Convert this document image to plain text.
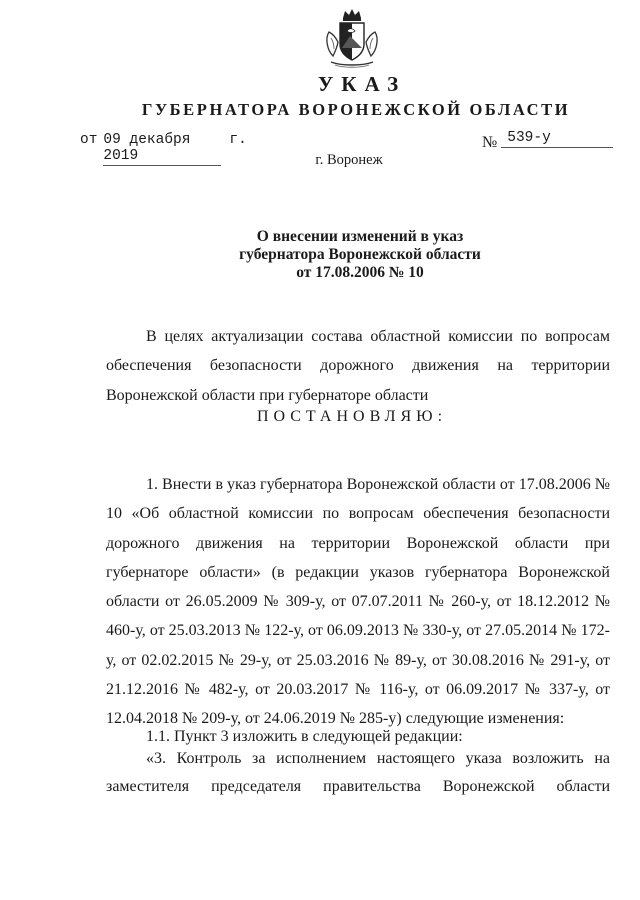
УКАЗ
ГУБЕРНАТОРА ВОРОНЕЖСКОЙ ОБЛАСТИ
от 09 декабря 2019
г.	№ 539-у
г. Воронеж
О внесении изменений в указ
губернатора Воронежской области
от 17.08.2006 № 10
В целях актуализации состава областной комиссии по вопросам обеспечения безопасности дорожного движения на территории Воронежской области при губернаторе области
ПОСТАНОВЛЯЮ:
1. Внести в указ губернатора Воронежской области от 17.08.2006 № 10 «Об областной комиссии по вопросам обеспечения безопасности дорожного движения на территории Воронежской области при губернаторе области» (в редакции указов губернатора Воронежской области от 26.05.2009 № 309-у, от 07.07.2011 № 260-у, от 18.12.2012 № 460-у, от 25.03.2013 № 122-у, от 06.09.2013 № 330-у, от 27.05.2014 № 172-у, от 02.02.2015 № 29-у, от 25.03.2016 № 89-у, от 30.08.2016 № 291-у, от 21.12.2016 № 482-у, от 20.03.2017 № 116-у, от 06.09.2017 № 337-у, от 12.04.2018 № 209-у, от 24.06.2019 № 285-у) следующие изменения:
1.1. Пункт 3 изложить в следующей редакции:
«3. Контроль за исполнением настоящего указа возложить на заместителя председателя правительства Воронежской области
